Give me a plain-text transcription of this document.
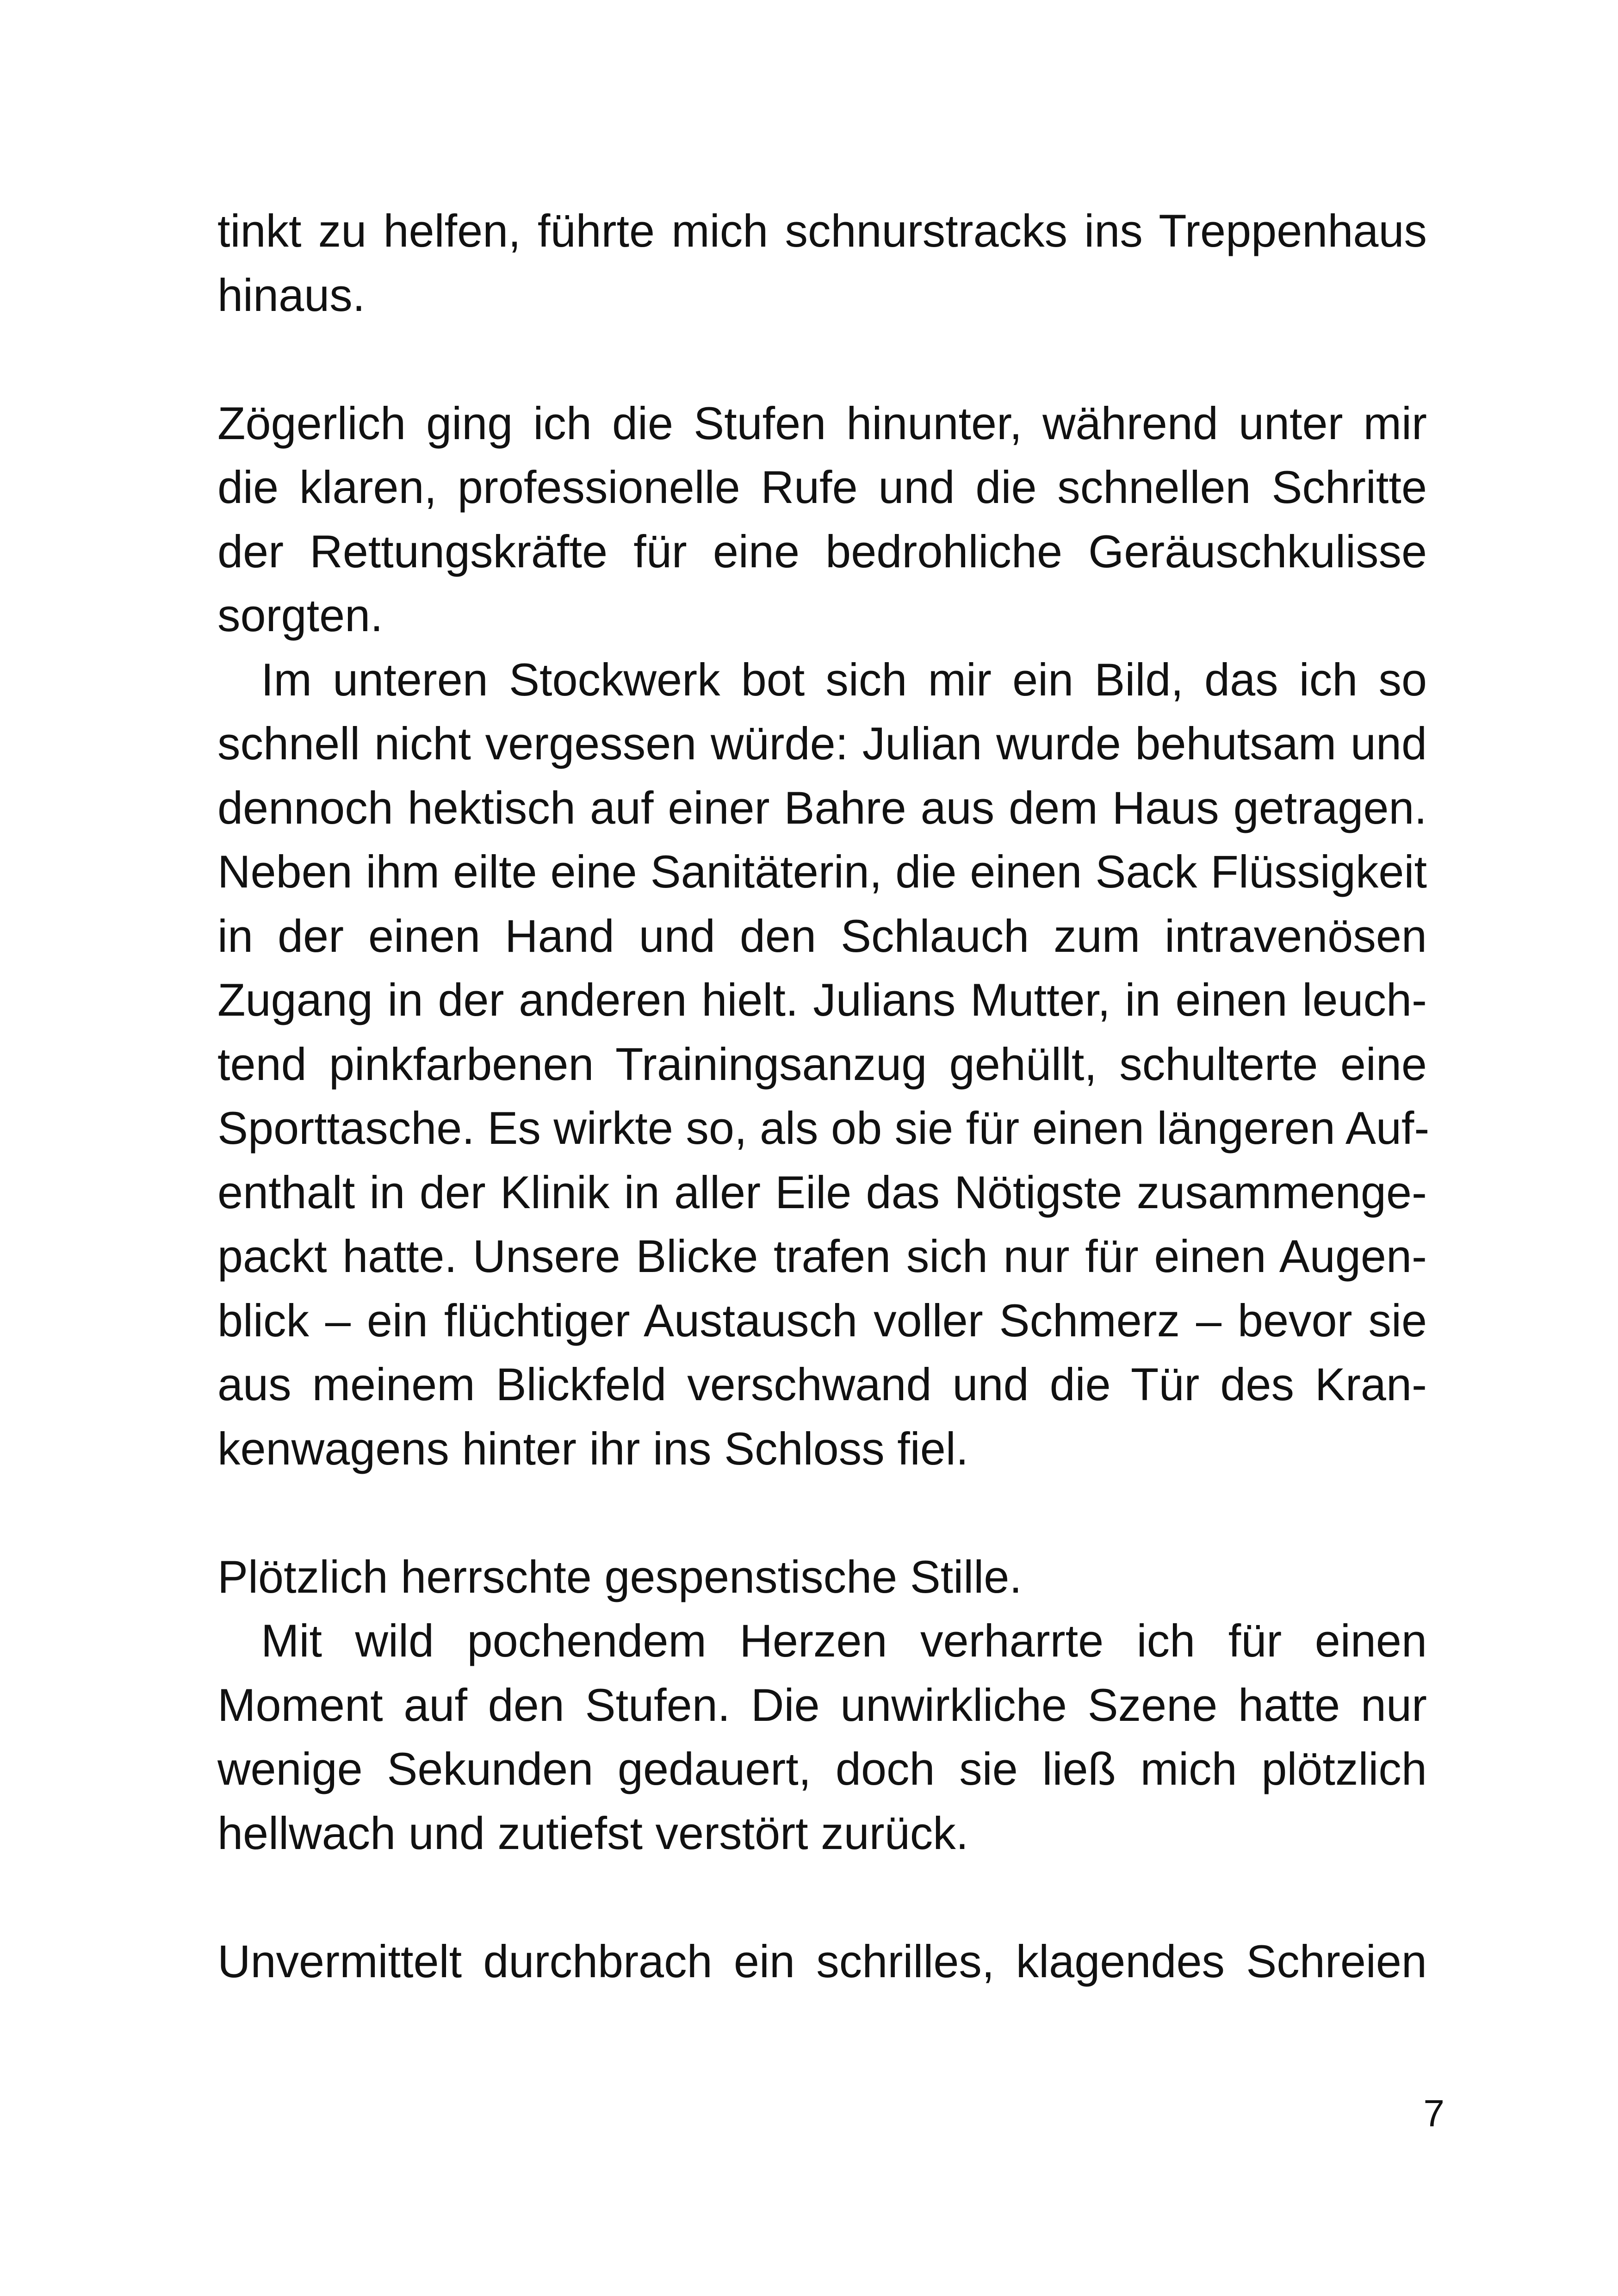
tinkt zu helfen, führte mich schnurstracks ins Treppenhaus
hinaus.
Zögerlich ging ich die Stufen hinunter, während unter mir
die klaren, professionelle Rufe und die schnellen Schritte
der Rettungskräfte für eine bedrohliche Geräuschkulisse
sorgten.
Im unteren Stockwerk bot sich mir ein Bild, das ich so
schnell nicht vergessen würde: Julian wurde behutsam und
dennoch hektisch auf einer Bahre aus dem Haus getragen.
Neben ihm eilte eine Sanitäterin, die einen Sack Flüssigkeit
in der einen Hand und den Schlauch zum intravenösen
Zugang in der anderen hielt. Julians Mutter, in einen leuch-
tend pinkfarbenen Trainingsanzug gehüllt, schulterte eine
Sporttasche. Es wirkte so, als ob sie für einen längeren Auf-
enthalt in der Klinik in aller Eile das Nötigste zusammenge-
packt hatte. Unsere Blicke trafen sich nur für einen Augen-
blick – ein flüchtiger Austausch voller Schmerz – bevor sie
aus meinem Blickfeld verschwand und die Tür des Kran-
kenwagens hinter ihr ins Schloss fiel.
Plötzlich herrschte gespenstische Stille.
Mit wild pochendem Herzen verharrte ich für einen
Moment auf den Stufen. Die unwirkliche Szene hatte nur
wenige Sekunden gedauert, doch sie ließ mich plötzlich
hellwach und zutiefst verstört zurück.
Unvermittelt durchbrach ein schrilles, klagendes Schreien
7
